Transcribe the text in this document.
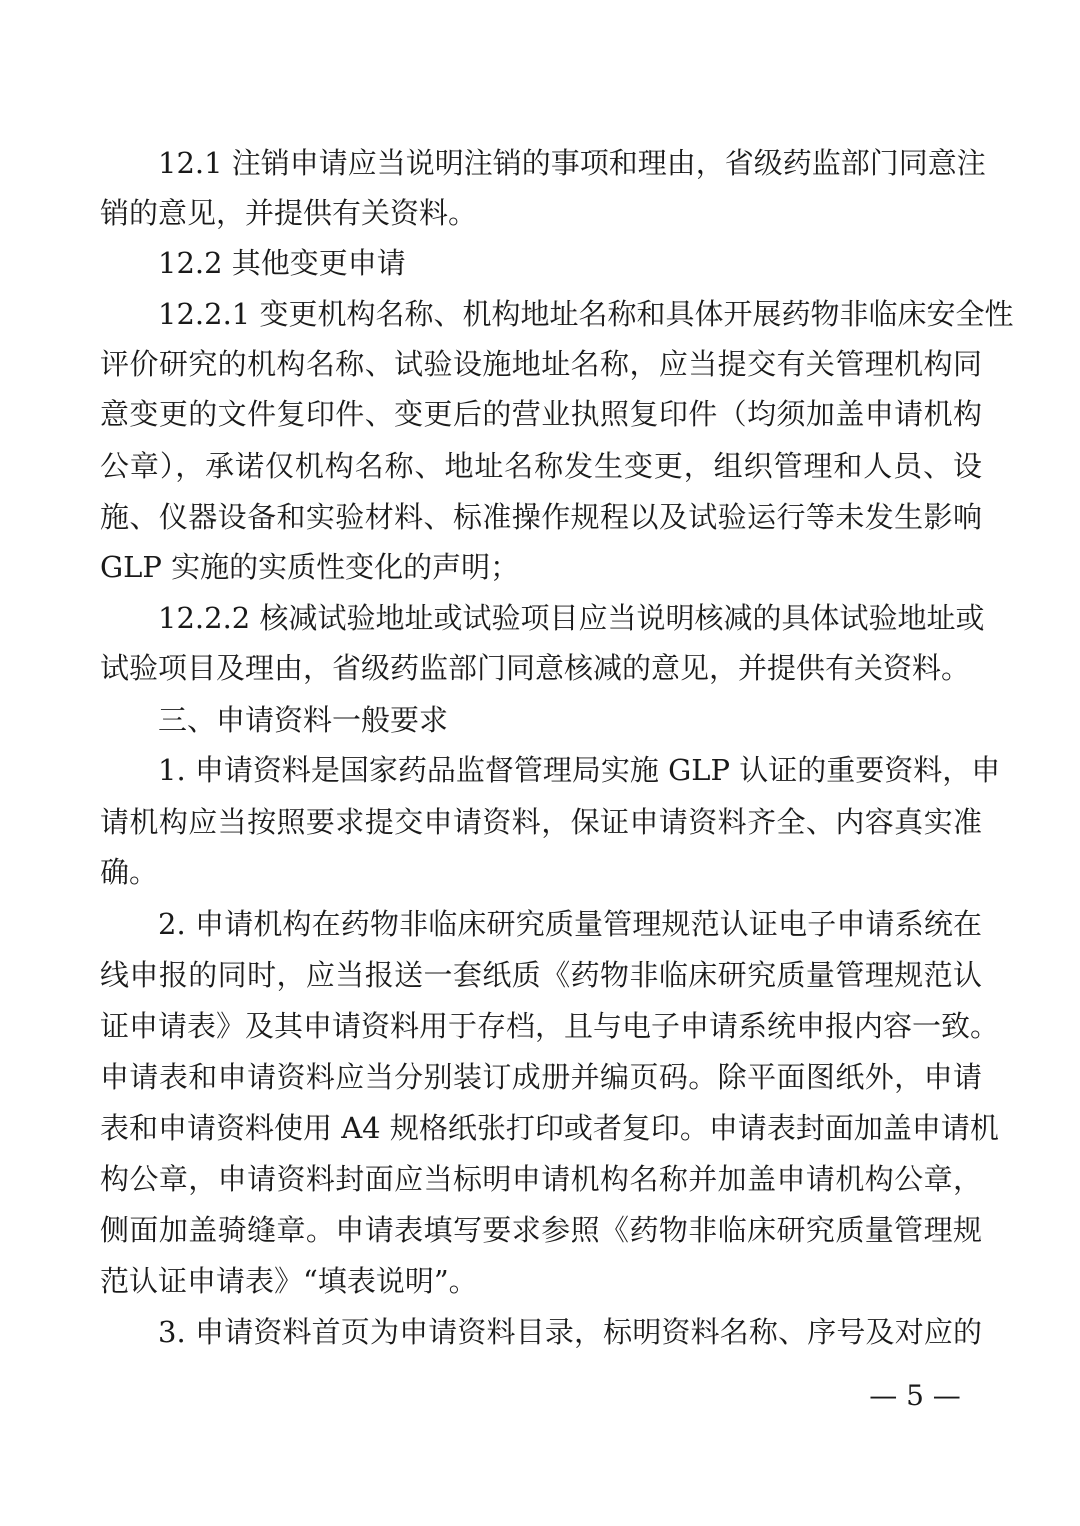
12.1 注销申请应当说明注销的事项和理由，省级药监部门同意注
销的意见，并提供有关资料。
12.2 其他变更申请
12.2.1 变更机构名称、机构地址名称和具体开展药物非临床安全性
评价研究的机构名称、试验设施地址名称，应当提交有关管理机构同
意变更的文件复印件、变更后的营业执照复印件（均须加盖申请机构
公章），承诺仅机构名称、地址名称发生变更，组织管理和人员、设
施、仪器设备和实验材料、标准操作规程以及试验运行等未发生影响
GLP 实施的实质性变化的声明；
12.2.2 核减试验地址或试验项目应当说明核减的具体试验地址或
试验项目及理由，省级药监部门同意核减的意见，并提供有关资料。
三、申请资料一般要求
1. 申请资料是国家药品监督管理局实施 GLP 认证的重要资料，申
请机构应当按照要求提交申请资料，保证申请资料齐全、内容真实准
确。
2. 申请机构在药物非临床研究质量管理规范认证电子申请系统在
线申报的同时，应当报送一套纸质《药物非临床研究质量管理规范认
证申请表》及其申请资料用于存档，且与电子申请系统申报内容一致。
申请表和申请资料应当分别装订成册并编页码。除平面图纸外，申请
表和申请资料使用 A4 规格纸张打印或者复印。申请表封面加盖申请机
构公章，申请资料封面应当标明申请机构名称并加盖申请机构公章，
侧面加盖骑缝章。申请表填写要求参照《药物非临床研究质量管理规
范认证申请表》“填表说明”。
3. 申请资料首页为申请资料目录，标明资料名称、序号及对应的
— 5 —
